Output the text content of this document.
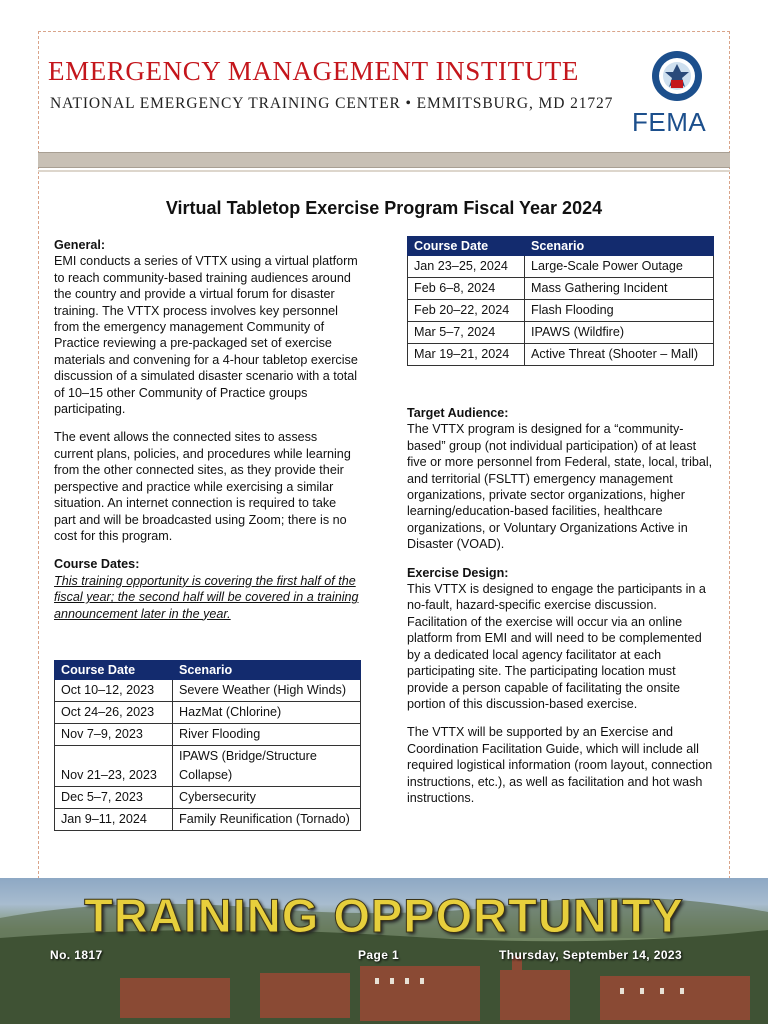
EMERGENCY MANAGEMENT INSTITUTE
NATIONAL EMERGENCY TRAINING CENTER • EMMITSBURG, MD 21727
FEMA
Virtual Tabletop Exercise Program Fiscal Year 2024
General:
EMI conducts a series of VTTX using a virtual platform to reach community-based training audiences around the country and provide a virtual forum for disaster training. The VTTX process involves key personnel from the emergency management Community of Practice reviewing a pre-packaged set of exercise materials and convening for a 4-hour tabletop exercise discussion of a simulated disaster scenario with a total of 10–15 other Community of Practice groups participating.
The event allows the connected sites to assess current plans, policies, and procedures while learning from the other connected sites, as they provide their perspective and practice while exercising a similar situation. An internet connection is required to take part and will be broadcasted using Zoom; there is no cost for this program.
Course Dates:
This training opportunity is covering the first half of the fiscal year; the second half will be covered in a training announcement later in the year.
Course Date	Scenario
Oct 10–12, 2023	Severe Weather (High Winds)
Oct 24–26, 2023	HazMat (Chlorine)
Nov 7–9, 2023	River Flooding
Nov 21–23, 2023	IPAWS (Bridge/Structure Collapse)
Dec 5–7, 2023	Cybersecurity
Jan 9–11, 2024	Family Reunification (Tornado)
Course Date	Scenario
Jan 23–25, 2024	Large-Scale Power Outage
Feb 6–8, 2024	Mass Gathering Incident
Feb 20–22, 2024	Flash Flooding
Mar 5–7, 2024	IPAWS (Wildfire)
Mar 19–21, 2024	Active Threat (Shooter – Mall)
Target Audience:
The VTTX program is designed for a “community-based” group (not individual participation) of at least five or more personnel from Federal, state, local, tribal, and territorial (FSLTT) emergency management organizations, private sector organizations, higher learning/education-based facilities, healthcare organizations, or Voluntary Organizations Active in Disaster (VOAD).
Exercise Design:
This VTTX is designed to engage the participants in a no-fault, hazard-specific exercise discussion. Facilitation of the exercise will occur via an online platform from EMI and will need to be complemented by a dedicated local agency facilitator at each participating site. The participating location must provide a person capable of facilitating the onsite portion of this discussion-based exercise.
The VTTX will be supported by an Exercise and Coordination Facilitation Guide, which will include all required logistical information (room layout, connection instructions, etc.), as well as facilitation and hot wash instructions.
TRAINING OPPORTUNITY
No. 1817	Page 1	Thursday, September 14, 2023
